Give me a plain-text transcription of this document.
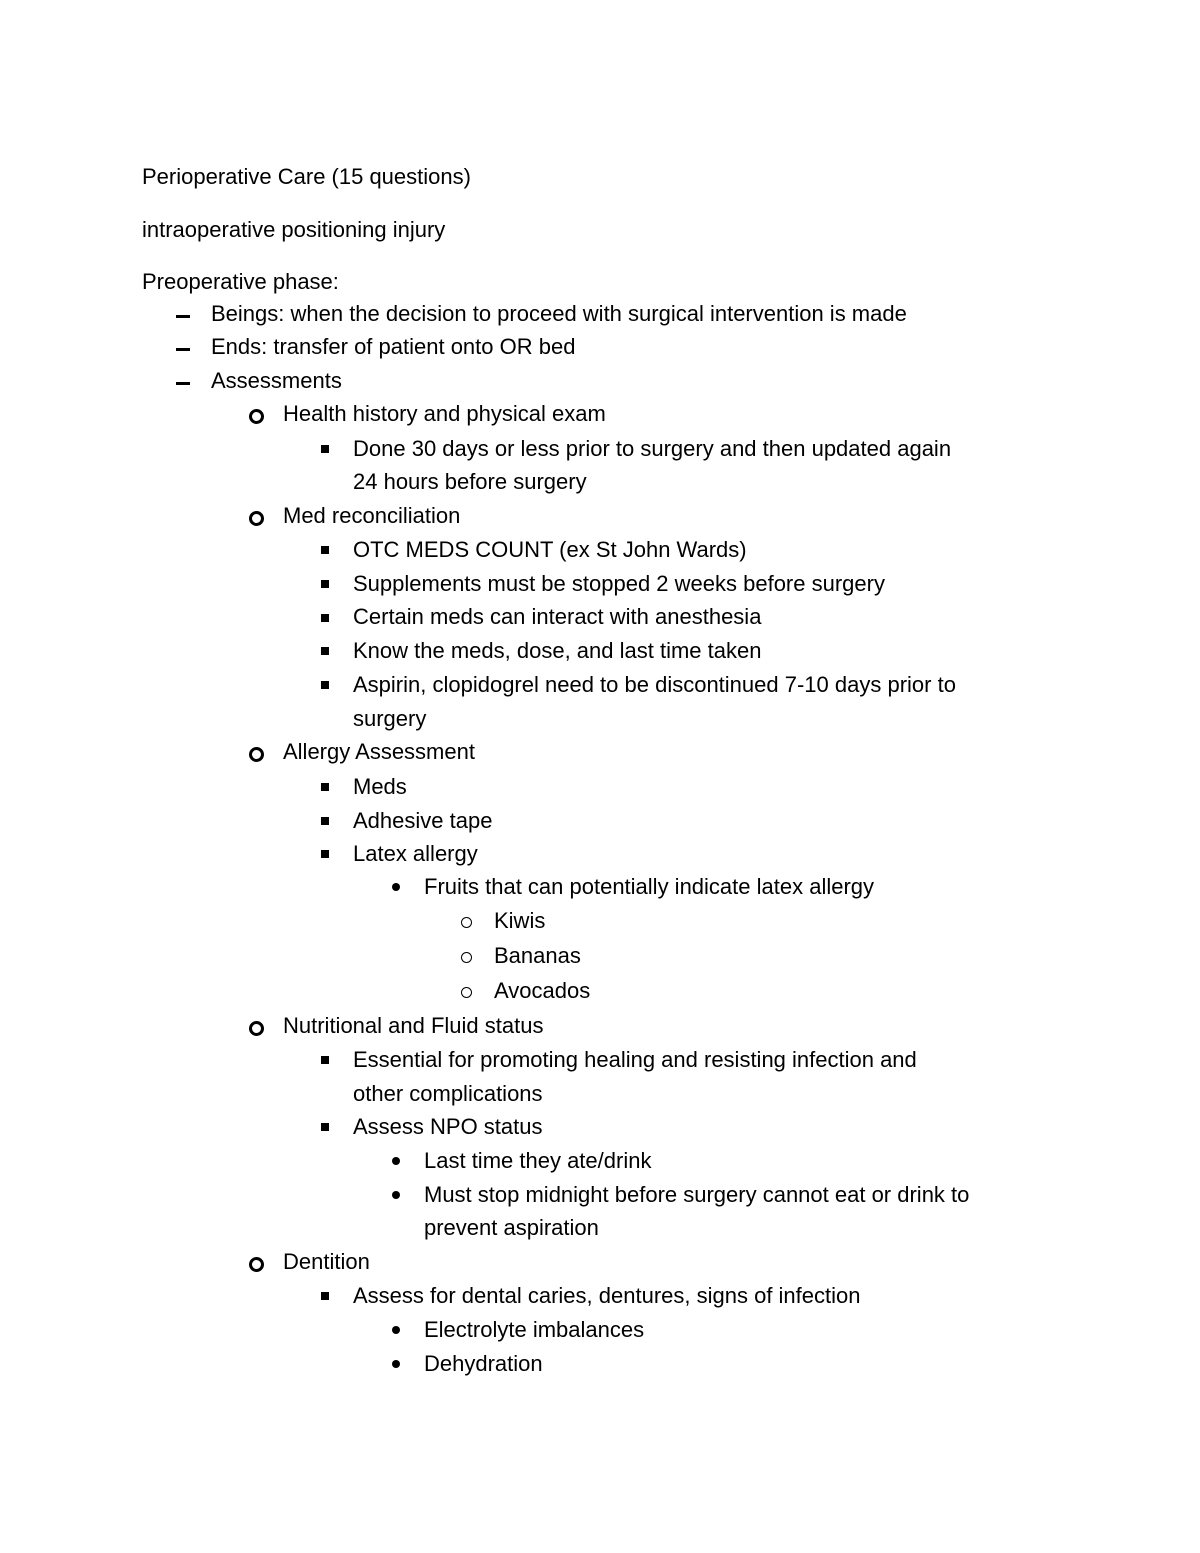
Perioperative Care (15 questions)
intraoperative positioning injury
Preoperative phase:
Beings: when the decision to proceed with surgical intervention is made
Ends: transfer of patient onto OR bed
Assessments
Health history and physical exam
Done 30 days or less prior to surgery and then updated again
24 hours before surgery
Med reconciliation
OTC MEDS COUNT (ex St John Wards)
Supplements must be stopped 2 weeks before surgery
Certain meds can interact with anesthesia
Know the meds, dose, and last time taken
Aspirin, clopidogrel need to be discontinued 7-10 days prior to
surgery
Allergy Assessment
Meds
Adhesive tape
Latex allergy
Fruits that can potentially indicate latex allergy
Kiwis
Bananas
Avocados
Nutritional and Fluid status
Essential for promoting healing and resisting infection and
other complications
Assess NPO status
Last time they ate/drink
Must stop midnight before surgery cannot eat or drink to
prevent aspiration
Dentition
Assess for dental caries, dentures, signs of infection
Electrolyte imbalances
Dehydration
